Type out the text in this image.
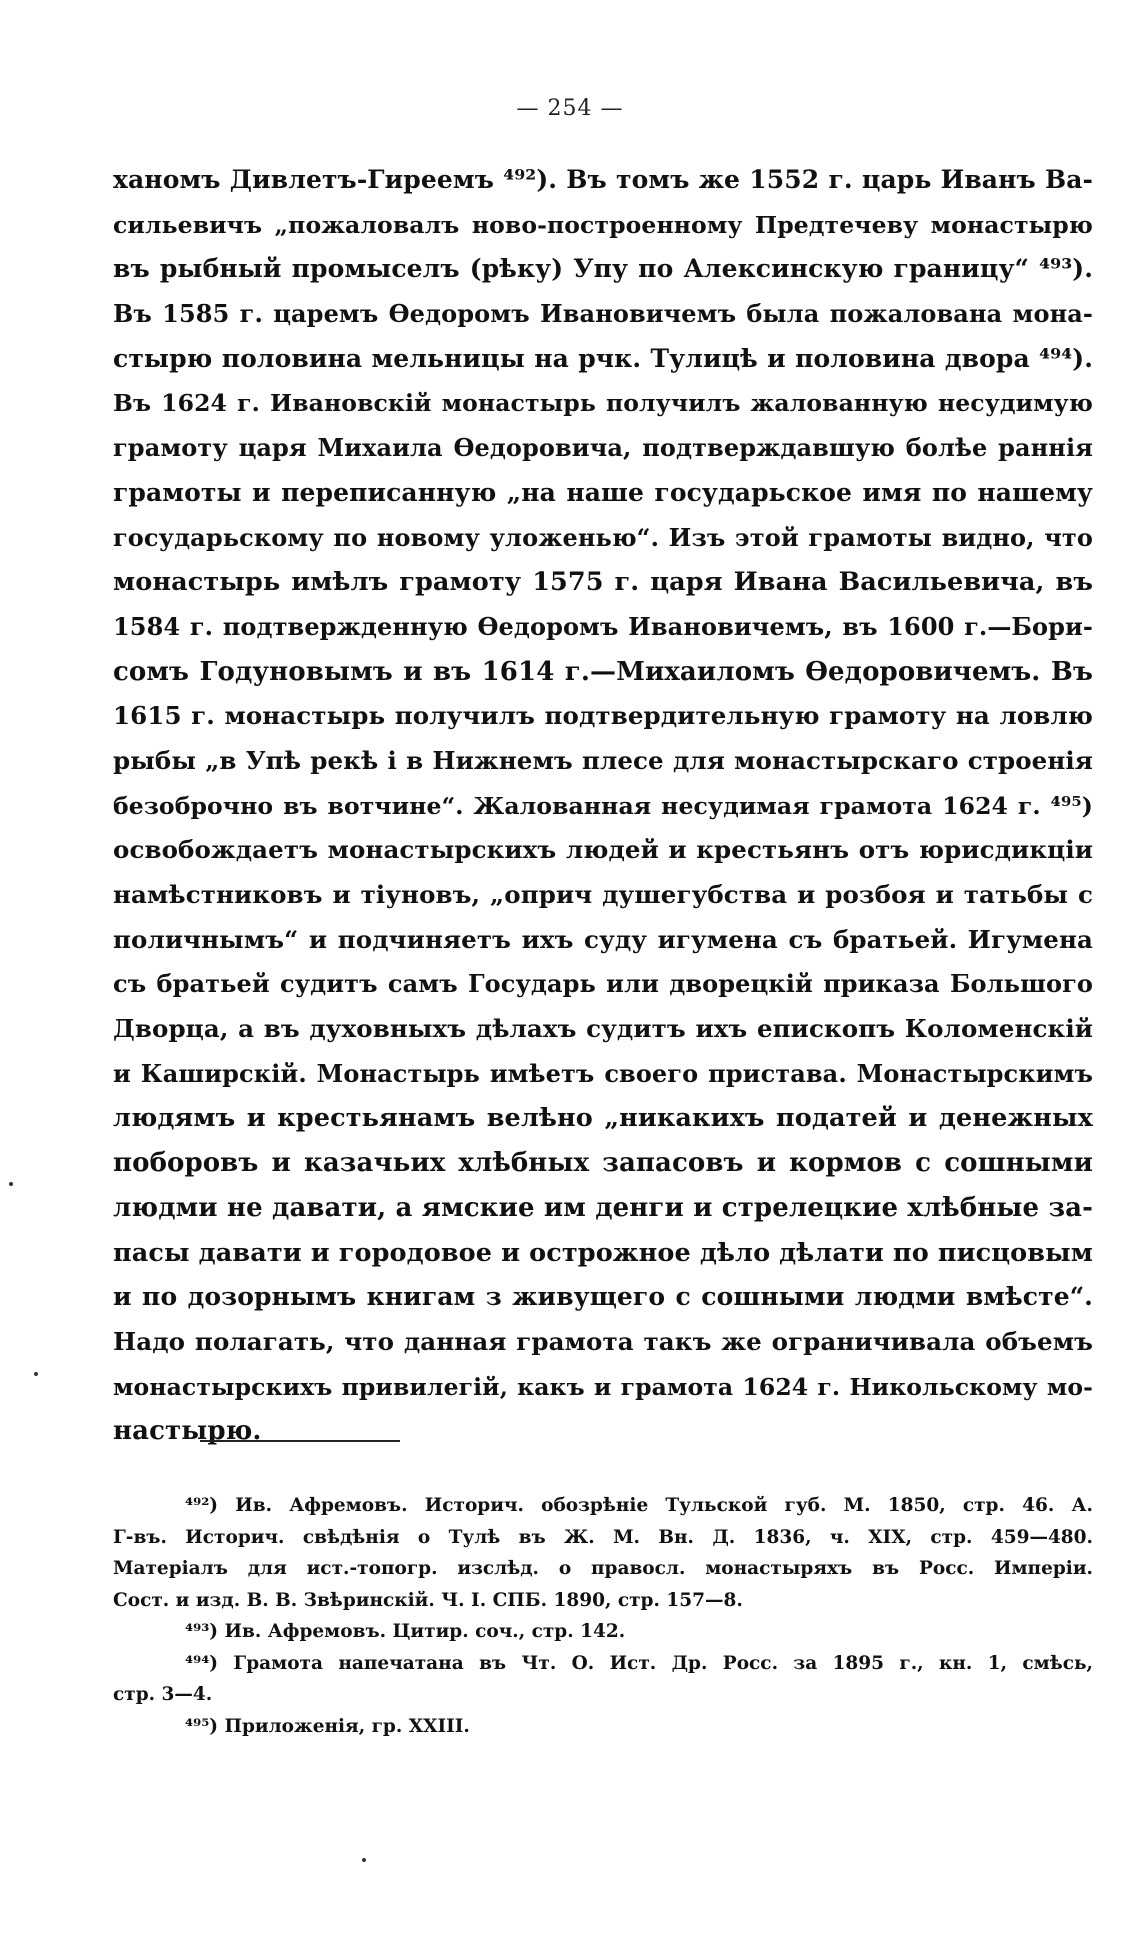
— 254 —
ханомъ Дивлетъ-Гиреемъ ⁴⁹²). Въ томъ же 1552 г. царь Иванъ Ва-
сильевичъ „пожаловалъ ново-построенному Предтечеву монастырю
въ рыбный промыселъ (рѣку) Упу по Алексинскую границу“ ⁴⁹³).
Въ 1585 г. царемъ Ѳедоромъ Ивановичемъ была пожалована мона-
стырю половина мельницы на рчк. Тулицѣ и половина двора ⁴⁹⁴).
Въ 1624 г. Ивановскій монастырь получилъ жалованную несудимую
грамоту царя Михаила Ѳедоровича, подтверждавшую болѣе раннія
грамоты и переписанную „на наше государьское имя по нашему
государьскому по новому уложенью“. Изъ этой грамоты видно, что
монастырь имѣлъ грамоту 1575 г. царя Ивана Васильевича, въ
1584 г. подтвержденную Ѳедоромъ Ивановичемъ, въ 1600 г.—Бори-
сомъ Годуновымъ и въ 1614 г.—Михаиломъ Ѳедоровичемъ. Въ
1615 г. монастырь получилъ подтвердительную грамоту на ловлю
рыбы „в Упѣ рекѣ і в Нижнемъ плесе для монастырскаго строенія
безоброчно въ вотчине“. Жалованная несудимая грамота 1624 г. ⁴⁹⁵)
освобождаетъ монастырскихъ людей и крестьянъ отъ юрисдикціи
намѣстниковъ и тіуновъ, „оприч душегубства и розбоя и татьбы с
поличнымъ“ и подчиняетъ ихъ суду игумена съ братьей. Игумена
съ братьей судитъ самъ Государь или дворецкій приказа Большого
Дворца, а въ духовныхъ дѣлахъ судитъ ихъ епископъ Коломенскій
и Каширскій. Монастырь имѣетъ своего пристава. Монастырскимъ
людямъ и крестьянамъ велѣно „никакихъ податей и денежных
поборовъ и казачьих хлѣбных запасовъ и кормов с сошными
людми не давати, а ямские им денги и стрелецкие хлѣбные за-
пасы давати и городовое и острожное дѣло дѣлати по писцовым
и по дозорнымъ книгам з живущего с сошными людми вмѣсте“.
Надо полагать, что данная грамота такъ же ограничивала объемъ
монастырскихъ привилегій, какъ и грамота 1624 г. Никольскому мо-
настырю.
⁴⁹²) Ив. Афремовъ. Историч. обозрѣніе Тульской губ. М. 1850, стр. 46. А.
Г-въ. Историч. свѣдѣнія о Тулѣ въ Ж. М. Вн. Д. 1836, ч. XIX, стр. 459—480.
Матеріалъ для ист.-топогр. изслѣд. о правосл. монастыряхъ въ Росс. Имперіи.
Сост. и изд. В. В. Звѣринскій. Ч. I. СПБ. 1890, стр. 157—8.
⁴⁹³) Ив. Афремовъ. Цитир. соч., стр. 142.
⁴⁹⁴) Грамота напечатана въ Чт. О. Ист. Др. Росс. за 1895 г., кн. 1, смѣсь,
стр. 3—4.
⁴⁹⁵) Приложенія, гр. XXIII.
